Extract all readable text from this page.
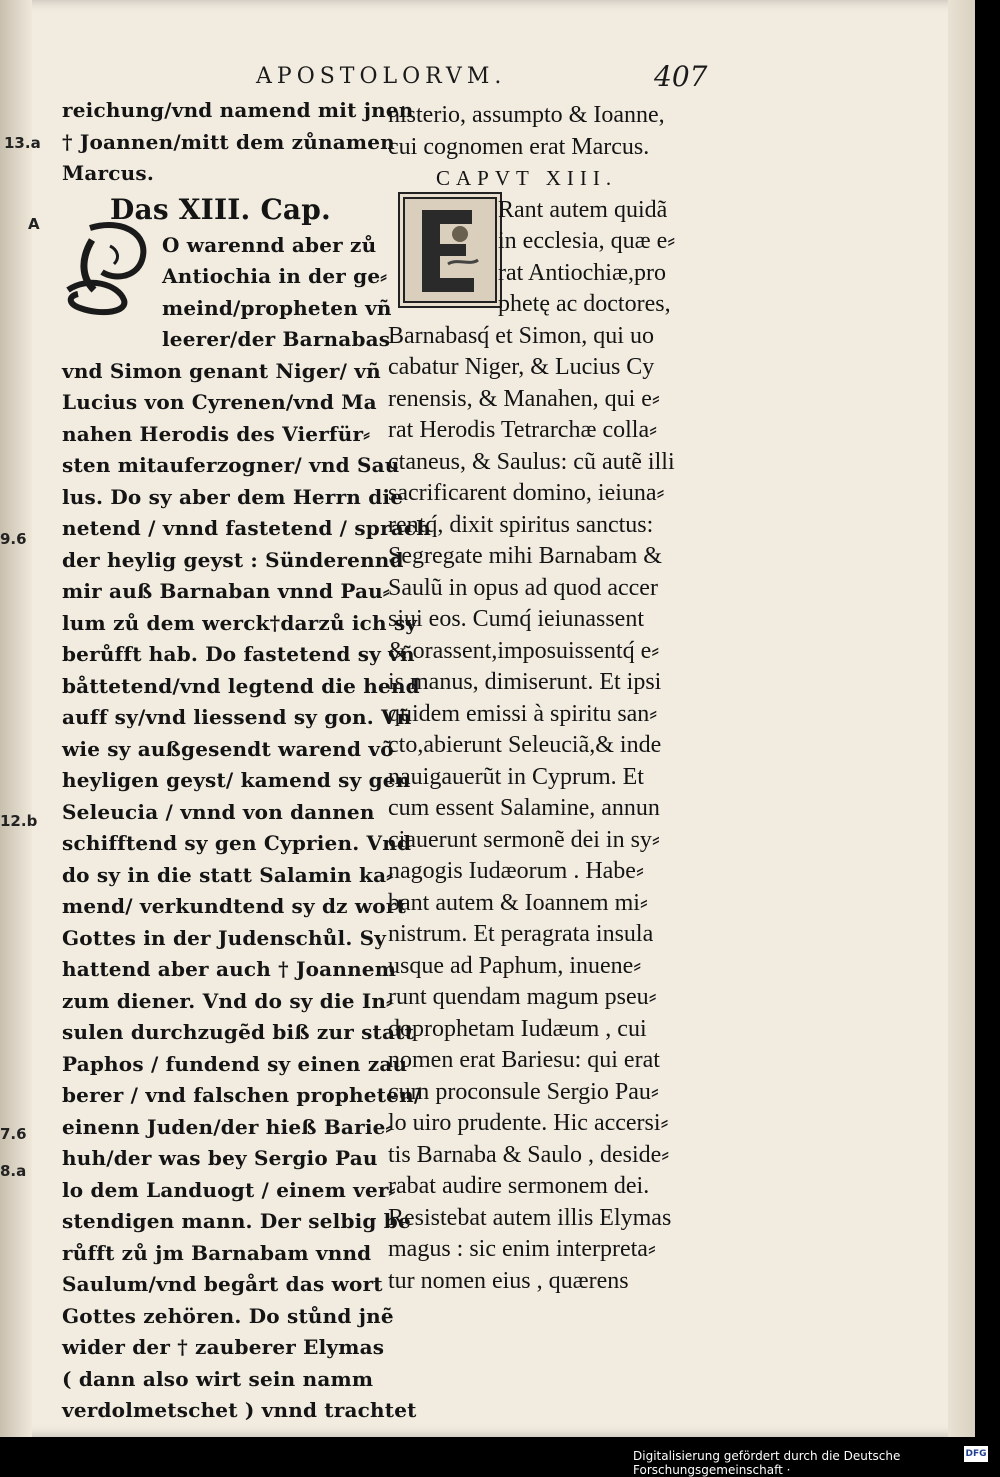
APOSTOLORVM.	407
13.a
A
9.6
12.b
7.6
8.a
reichung/vnd namend mit jnen
† Joannen/mitt dem zůnamen
Marcus.
Das XIII. Cap.
O warennd aber zů
Antiochia in der ge⸗
meind/propheten vñ
leerer/der Barnabas
vnd Simon genant Niger/ vñ
Lucius von Cyrenen/vnd Ma
nahen Herodis des Vierfür⸗
sten mitauferzogner/ vnd Sau
lus. Do sy aber dem Herrn die
netend / vnnd fastetend / sprach
der heylig geyst : Sünderennd
mir auß Barnaban vnnd Pau⸗
lum zů dem werck†darzů ich sy
berůfft hab. Do fastetend sy vñ
båttetend/vnd legtend die hend
auff sy/vnd liessend sy gon. Vñ
wie sy außgesendt warend võ
heyligen geyst/ kamend sy gen
Seleucia / vnnd von dannen
schifftend sy gen Cyprien. Vnd
do sy in die statt Salamin ka⸗
mend/ verkundtend sy dz wort
Gottes in der Judenschůl. Sy
hattend aber auch † Joannem
zum diener. Vnd do sy die In⸗
sulen durchzugẽd biß zur statt
Paphos / fundend sy einen zau
berer / vnd falschen propheten/
einenn Juden/der hieß Barie⸗
huh/der was bey Sergio Pau
lo dem Landuogt / einem ver⸗
stendigen mann. Der selbig be
růfft zů jm Barnabam vnnd
Saulum/vnd begårt das wort
Gottes zehören. Do stůnd jnẽ
wider der † zauberer Elymas
( dann also wirt sein namm
verdolmetschet ) vnnd trachtet
nisterio, assumpto & Ioanne,
cui cognomen erat Marcus.
CAPVT XIII.
Rant autem quidã
in ecclesia, quæ e⸗
rat Antiochiæ,pro
phetę ac doctores,
Barnabasq́ et Simon, qui uo
cabatur Niger, & Lucius Cy
renensis, & Manahen, qui e⸗
rat Herodis Tetrarchæ colla⸗
ctaneus, & Saulus: cũ autẽ illi
sacrificarent domino, ieiuna⸗
rentq́, dixit spiritus sanctus:
Segregate mihi Barnabam &
Saulũ in opus ad quod accer
siui eos. Cumq́ ieiunassent
& orassent,imposuissentq́ e⸗
is manus, dimiserunt. Et ipsi
quidem emissi à spiritu san⸗
cto,abierunt Seleuciã,& inde
nauigauerũt in Cyprum. Et
cum essent Salamine, annun
ciauerunt sermonẽ dei in sy⸗
nagogis Iudæorum . Habe⸗
bant autem & Ioannem mi⸗
nistrum. Et peragrata insula
usque ad Paphum, inuene⸗
runt quendam magum pseu⸗
doprophetam Iudæum , cui
nomen erat Bariesu: qui erat
cum proconsule Sergio Pau⸗
lo uiro prudente. Hic accersi⸗
tis Barnaba & Saulo , deside⸗
rabat audire sermonem dei.
Resistebat autem illis Elymas
magus : sic enim interpreta⸗
tur nomen eius , quærens
Digitalisierung gefördert durch die Deutsche Forschungsgemeinschaft ·
DFG
